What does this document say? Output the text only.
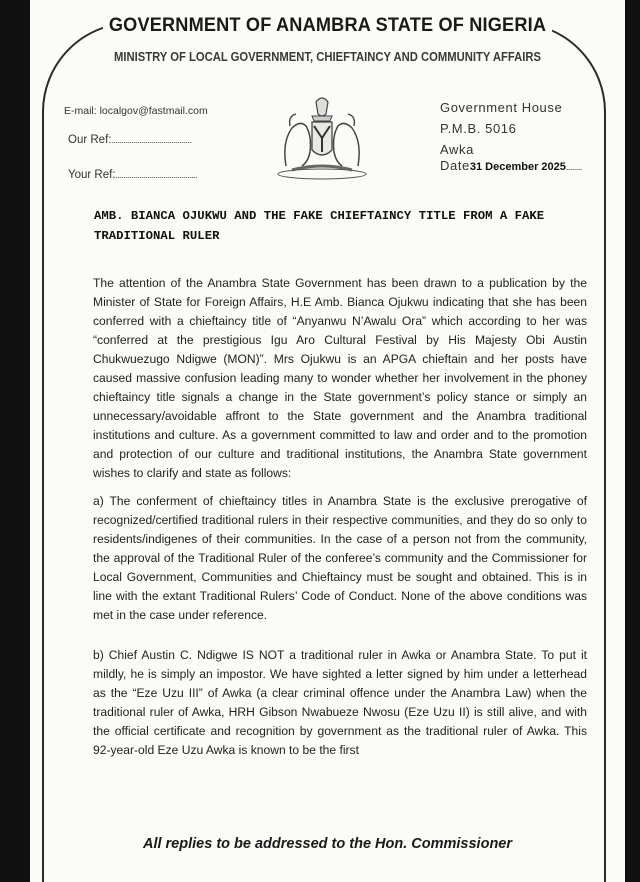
GOVERNMENT OF ANAMBRA STATE OF NIGERIA
MINISTRY OF LOCAL GOVERNMENT, CHIEFTAINCY AND COMMUNITY AFFAIRS
E-mail: localgov@fastmail.com
Our Ref:........................................
Your Ref:.........................................
Government House
P.M.B. 5016
Awka
Date31 December 2025........
AMB. BIANCA OJUKWU AND THE FAKE CHIEFTAINCY TITLE FROM A FAKE TRADITIONAL RULER
The attention of the Anambra State Government has been drawn to a publication by the Minister of State for Foreign Affairs, H.E Amb. Bianca Ojukwu indicating that she has been conferred with a chieftaincy title of “Anyanwu N’Awalu Ora” which according to her was “conferred at the prestigious Igu Aro Cultural Festival by His Majesty Obi Austin Chukwuezugo Ndigwe (MON)”. Mrs Ojukwu is an APGA chieftain and her posts have caused massive confusion leading many to wonder whether her involvement in the phoney chieftaincy title signals a change in the State government’s policy stance or simply an unnecessary/avoidable affront to the State government and the Anambra traditional institutions and culture. As a government committed to law and order and to the promotion and protection of our culture and traditional institutions, the Anambra State government wishes to clarify and state as follows:
a) The conferment of chieftaincy titles in Anambra State is the exclusive prerogative of recognized/certified traditional rulers in their respective communities, and they do so only to residents/indigenes of their communities. In the case of a person not from the community, the approval of the Traditional Ruler of the conferee’s community and the Commissioner for Local Government, Communities and Chieftaincy must be sought and obtained. This is in line with the extant Traditional Rulers’ Code of Conduct. None of the above conditions was met in the case under reference.
b) Chief Austin C. Ndigwe IS NOT a traditional ruler in Awka or Anambra State. To put it mildly, he is simply an impostor. We have sighted a letter signed by him under a letterhead as the “Eze Uzu III” of Awka (a clear criminal offence under the Anambra Law) when the traditional ruler of Awka, HRH Gibson Nwabueze Nwosu (Eze Uzu II) is still alive, and with the official certificate and recognition by government as the traditional ruler of Awka. This 92-year-old Eze Uzu Awka is known to be the first
All replies to be addressed to the Hon. Commissioner
